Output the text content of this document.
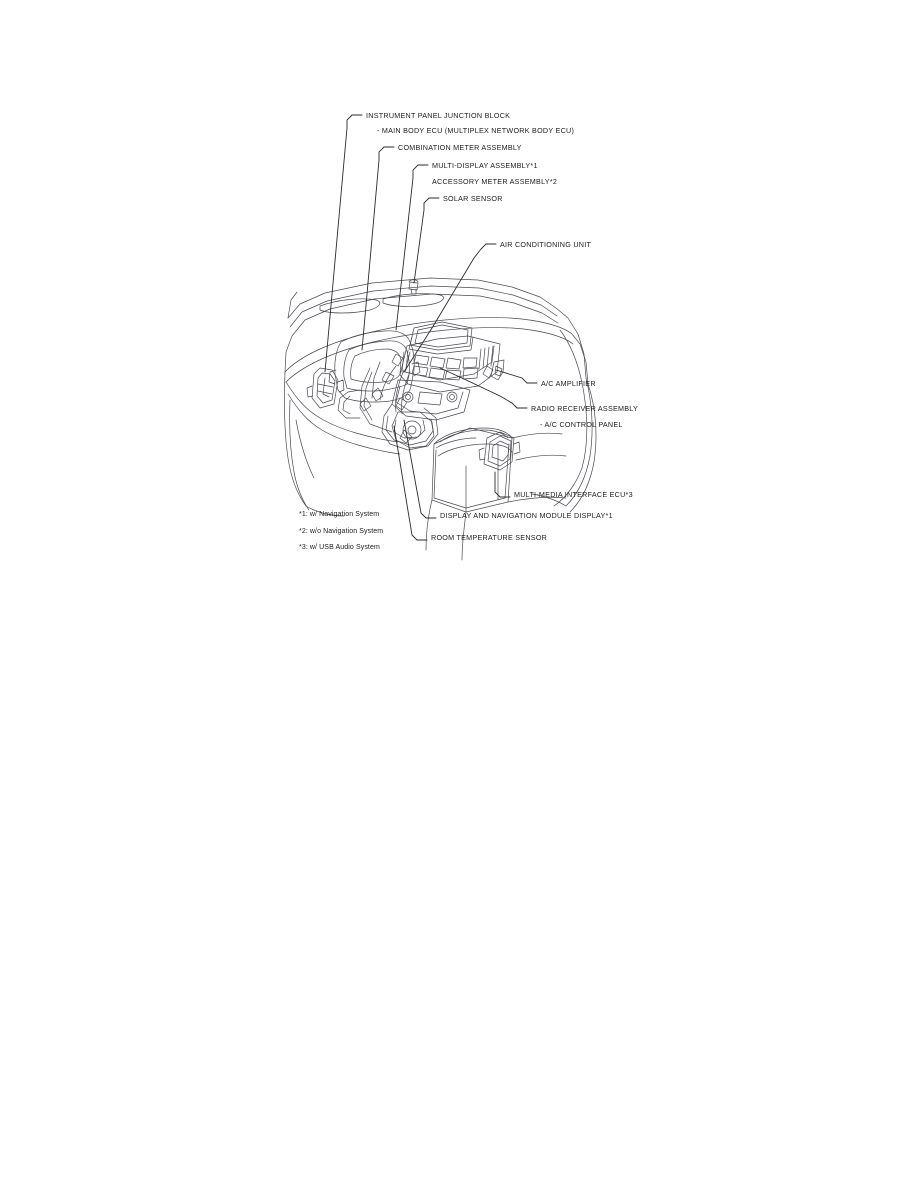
INSTRUMENT PANEL JUNCTION BLOCK
- MAIN BODY ECU (MULTIPLEX NETWORK BODY ECU)
COMBINATION METER ASSEMBLY
MULTI-DISPLAY ASSEMBLY*1
ACCESSORY METER ASSEMBLY*2
SOLAR SENSOR
AIR CONDITIONING UNIT
A/C AMPLIFIER
RADIO RECEIVER ASSEMBLY
- A/C CONTROL PANEL
MULTI-MEDIA INTERFACE ECU*3
DISPLAY AND NAVIGATION MODULE DISPLAY*1
ROOM TEMPERATURE SENSOR
*1: w/ Navigation System
*2: w/o Navigation System
*3: w/ USB Audio System
